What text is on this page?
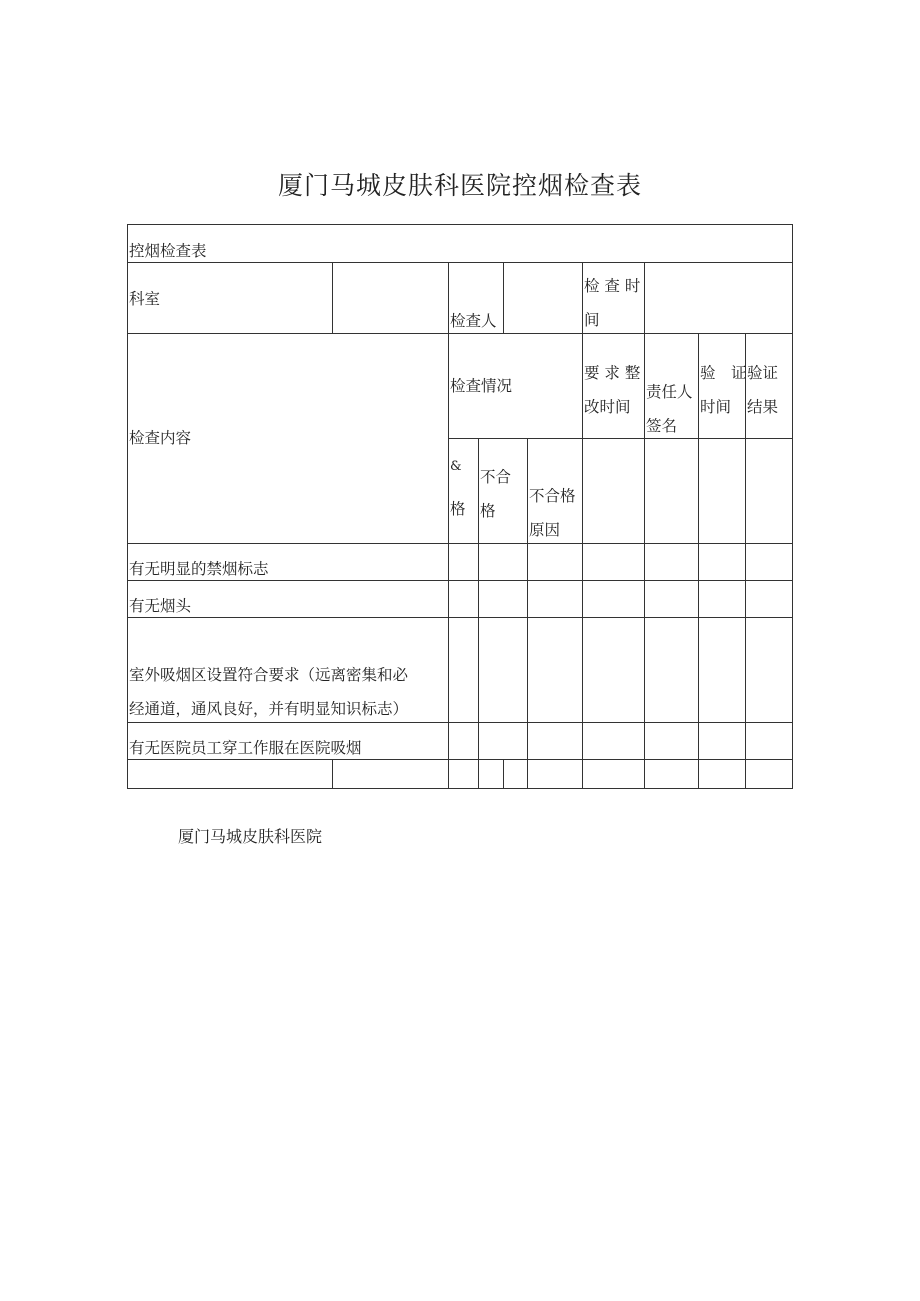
厦门马城皮肤科医院控烟检查表
控烟检查表
科室
检查人
检 查 时
间
检查内容
检查情况
要 求 整
改时间
责任人
签名
验　证
时间
验证
结果
&
格
不合
格
不合格
原因
有无明显的禁烟标志
有无烟头
室外吸烟区设置符合要求（远离密集和必
经通道，通风良好，并有明显知识标志）
有无医院员工穿工作服在医院吸烟
厦门马城皮肤科医院
